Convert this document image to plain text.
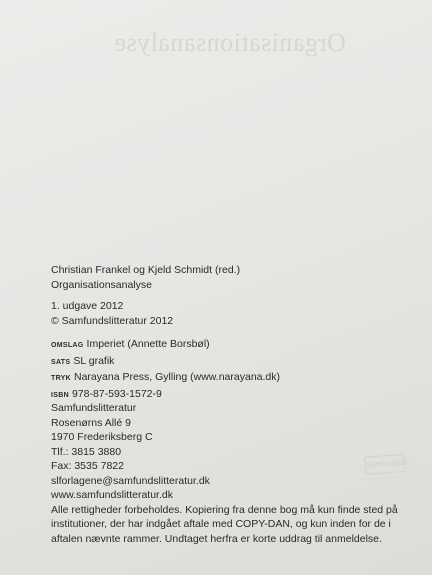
Organisationsanalyse
Samfundslit.
Christian Frankel og Kjeld Schmidt (red.)
Organisationsanalyse
1. udgave 2012
© Samfundslitteratur 2012
OMSLAG Imperiet (Annette Borsbøl)
SATS SL grafik
TRYK Narayana Press, Gylling (www.narayana.dk)
ISBN 978-87-593-1572-9
Samfundslitteratur
Rosenørns Allé 9
1970 Frederiksberg C
Tlf.: 3815 3880
Fax: 3535 7822
slforlagene@samfundslitteratur.dk
www.samfundslitteratur.dk
Alle rettigheder forbeholdes. Kopiering fra denne bog må kun finde sted på institutioner, der har indgået aftale med COPY-DAN, og kun inden for de i aftalen nævnte rammer. Undtaget herfra er korte uddrag til anmeldelse.
